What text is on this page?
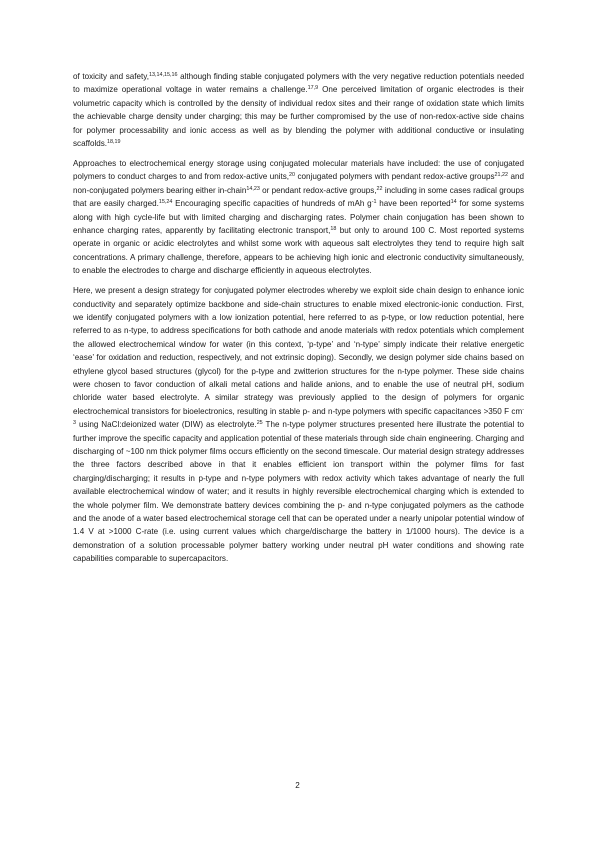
of toxicity and safety,$^{13,14,15,16}$ although finding stable conjugated polymers with the very negative reduction potentials needed to maximize operational voltage in water remains a challenge.$^{17,9}$ One perceived limitation of organic electrodes is their volumetric capacity which is controlled by the density of individual redox sites and their range of oxidation state which limits the achievable charge density under charging; this may be further compromised by the use of non-redox-active side chains for polymer processability and ionic access as well as by blending the polymer with additional conductive or insulating scaffolds.$^{18,19}$

Approaches to electrochemical energy storage using conjugated molecular materials have included: the use of conjugated polymers to conduct charges to and from redox-active units,$^{20}$ conjugated polymers with pendant redox-active groups$^{21,22}$ and non-conjugated polymers bearing either in-chain$^{14,23}$ or pendant redox-active groups,$^{22}$ including in some cases radical groups that are easily charged.$^{15,24}$ Encouraging specific capacities of hundreds of mAh $g^{-1}$ have been reported$^{14}$ for some systems along with high cycle-life but with limited charging and discharging rates. Polymer chain conjugation has been shown to enhance charging rates, apparently by facilitating electronic transport,$^{18}$ but only to around 100 C. Most reported systems operate in organic or acidic electrolytes and whilst some work with aqueous salt electrolytes they tend to require high salt concentrations. A primary challenge, therefore, appears to be achieving high ionic and electronic conductivity simultaneously, to enable the electrodes to charge and discharge efficiently in aqueous electrolytes.

Here, we present a design strategy for conjugated polymer electrodes whereby we exploit side chain design to enhance ionic conductivity and separately optimize backbone and side-chain structures to enable mixed electronic-ionic conduction. First, we identify conjugated polymers with a low ionization potential, here referred to as p-type, or low reduction potential, here referred to as n-type, to address specifications for both cathode and anode materials with redox potentials which complement the allowed electrochemical window for water (in this context, ‘p-type’ and ‘n-type’ simply indicate their relative energetic ‘ease’ for oxidation and reduction, respectively, and not extrinsic doping). Secondly, we design polymer side chains based on ethylene glycol based structures (glycol) for the p-type and zwitterion structures for the n-type polymer. These side chains were chosen to favor conduction of alkali metal cations and halide anions, and to enable the use of neutral pH, sodium chloride water based electrolyte. A similar strategy was previously applied to the design of polymers for organic electrochemical transistors for bioelectronics, resulting in stable p- and n-type polymers with specific capacitances >350 F $cm^{-3}$ using NaCl:deionized water (DIW) as electrolyte.$^{25}$ The n-type polymer structures presented here illustrate the potential to further improve the specific capacity and application potential of these materials through side chain engineering. Charging and discharging of ~100 nm thick polymer films occurs efficiently on the second timescale. Our material design strategy addresses the three factors described above in that it enables efficient ion transport within the polymer films for fast charging/discharging; it results in p-type and n-type polymers with redox activity which takes advantage of nearly the full available electrochemical window of water; and it results in highly reversible electrochemical charging which is extended to the whole polymer film. We demonstrate battery devices combining the p- and n-type conjugated polymers as the cathode and the anode of a water based electrochemical storage cell that can be operated under a nearly unipolar potential window of 1.4 V at >1000 C-rate (i.e. using current values which charge/discharge the battery in 1/1000 hours). The device is a demonstration of a solution processable polymer battery working under neutral pH water conditions and showing rate capabilities comparable to supercapacitors.

2
